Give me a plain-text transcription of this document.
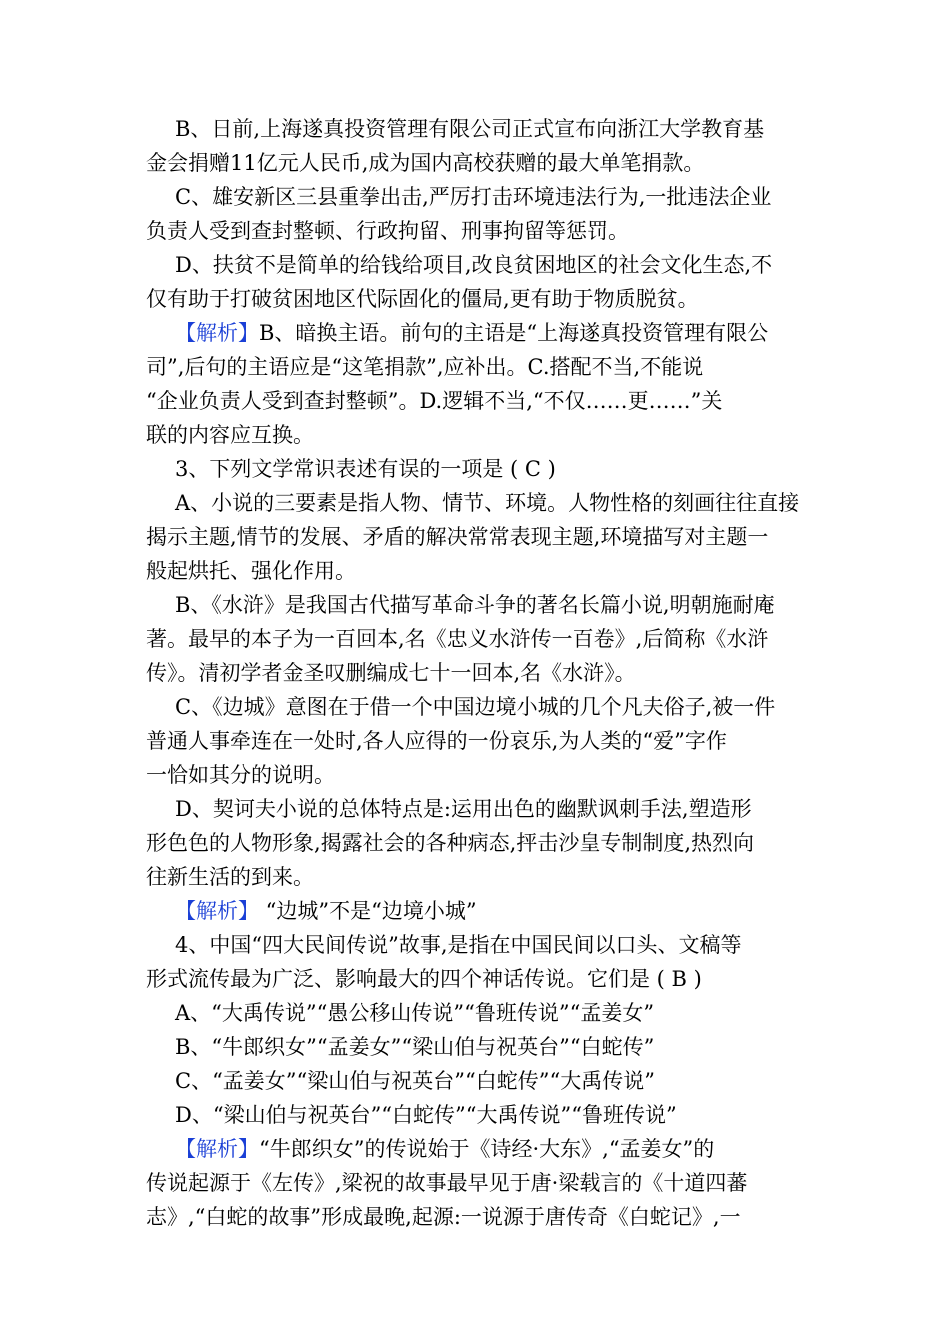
B、日前,上海遂真投资管理有限公司正式宣布向浙江大学教育基
金会捐赠11亿元人民币,成为国内高校获赠的最大单笔捐款。
C、雄安新区三县重拳出击,严厉打击环境违法行为,一批违法企业
负责人受到查封整顿、行政拘留、刑事拘留等惩罚。
D、扶贫不是简单的给钱给项目,改良贫困地区的社会文化生态,不
仅有助于打破贫困地区代际固化的僵局,更有助于物质脱贫。
【解析】B、暗换主语。前句的主语是“上海遂真投资管理有限公
司”,后句的主语应是“这笔捐款”,应补出。C.搭配不当,不能说
“企业负责人受到查封整顿”。D.逻辑不当,“不仅……更……”关
联的内容应互换。
3、下列文学常识表述有误的一项是 ( C )
A、小说的三要素是指人物、情节、环境。人物性格的刻画往往直接
揭示主题,情节的发展、矛盾的解决常常表现主题,环境描写对主题一
般起烘托、强化作用。
B、《水浒》是我国古代描写革命斗争的著名长篇小说,明朝施耐庵
著。最早的本子为一百回本,名《忠义水浒传一百卷》,后简称《水浒
传》。清初学者金圣叹删编成七十一回本,名《水浒》。
C、《边城》意图在于借一个中国边境小城的几个凡夫俗子,被一件
普通人事牵连在一处时,各人应得的一份哀乐,为人类的“爱”字作
一恰如其分的说明。
D、契诃夫小说的总体特点是:运用出色的幽默讽刺手法,塑造形
形色色的人物形象,揭露社会的各种病态,抨击沙皇专制制度,热烈向
往新生活的到来。
【解析】 “边城”不是“边境小城”
4、中国“四大民间传说”故事,是指在中国民间以口头、文稿等
形式流传最为广泛、影响最大的四个神话传说。它们是 ( B )
A、“大禹传说”“愚公移山传说”“鲁班传说”“孟姜女”
B、“牛郎织女”“孟姜女”“梁山伯与祝英台”“白蛇传”
C、“孟姜女”“梁山伯与祝英台”“白蛇传”“大禹传说”
D、“梁山伯与祝英台”“白蛇传”“大禹传说”“鲁班传说”
【解析】“牛郎织女”的传说始于《诗经·大东》,“孟姜女”的
传说起源于《左传》,梁祝的故事最早见于唐·梁载言的《十道四蕃
志》,“白蛇的故事”形成最晚,起源:一说源于唐传奇《白蛇记》,一
